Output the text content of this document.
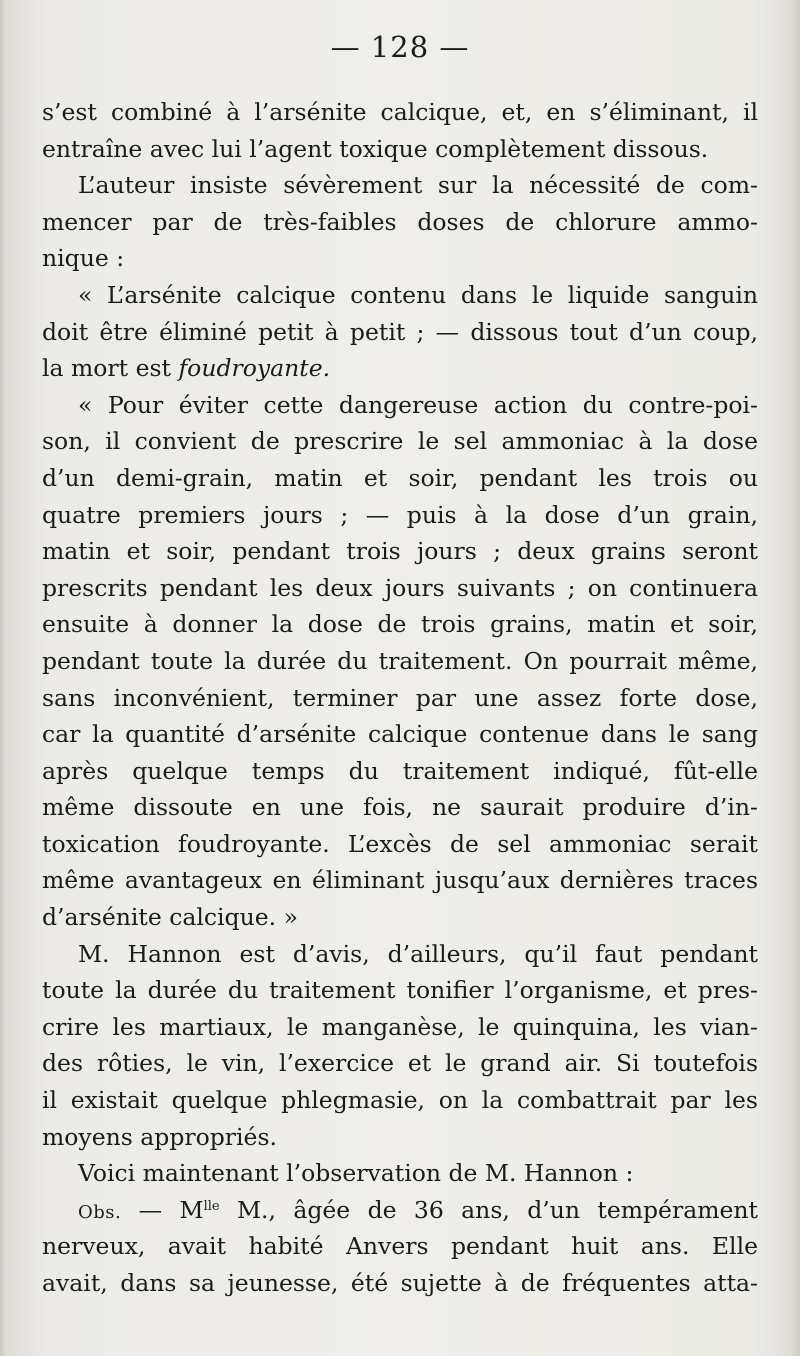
— 128 —
s’est combiné à l’arsénite calcique, et, en s’éliminant, il
entraîne avec lui l’agent toxique complètement dissous.
L’auteur insiste sévèrement sur la nécessité de com-
mencer par de très-faibles doses de chlorure ammo-
nique :
« L’arsénite calcique contenu dans le liquide sanguin
doit être éliminé petit à petit ; — dissous tout d’un coup,
la mort est foudroyante.
« Pour éviter cette dangereuse action du contre-poi-
son, il convient de prescrire le sel ammoniac à la dose
d’un demi-grain, matin et soir, pendant les trois ou
quatre premiers jours ; — puis à la dose d’un grain,
matin et soir, pendant trois jours ; deux grains seront
prescrits pendant les deux jours suivants ; on continuera
ensuite à donner la dose de trois grains, matin et soir,
pendant toute la durée du traitement. On pourrait même,
sans inconvénient, terminer par une assez forte dose,
car la quantité d’arsénite calcique contenue dans le sang
après quelque temps du traitement indiqué, fût-elle
même dissoute en une fois, ne saurait produire d’in-
toxication foudroyante. L’excès de sel ammoniac serait
même avantageux en éliminant jusqu’aux dernières traces
d’arsénite calcique. »
M. Hannon est d’avis, d’ailleurs, qu’il faut pendant
toute la durée du traitement tonifier l’organisme, et pres-
crire les martiaux, le manganèse, le quinquina, les vian-
des rôties, le vin, l’exercice et le grand air. Si toutefois
il existait quelque phlegmasie, on la combattrait par les
moyens appropriés.
Voici maintenant l’observation de M. Hannon :
Obs. — $M^{lle}$ M., âgée de 36 ans, d’un tempérament
nerveux, avait habité Anvers pendant huit ans. Elle
avait, dans sa jeunesse, été sujette à de fréquentes atta-
